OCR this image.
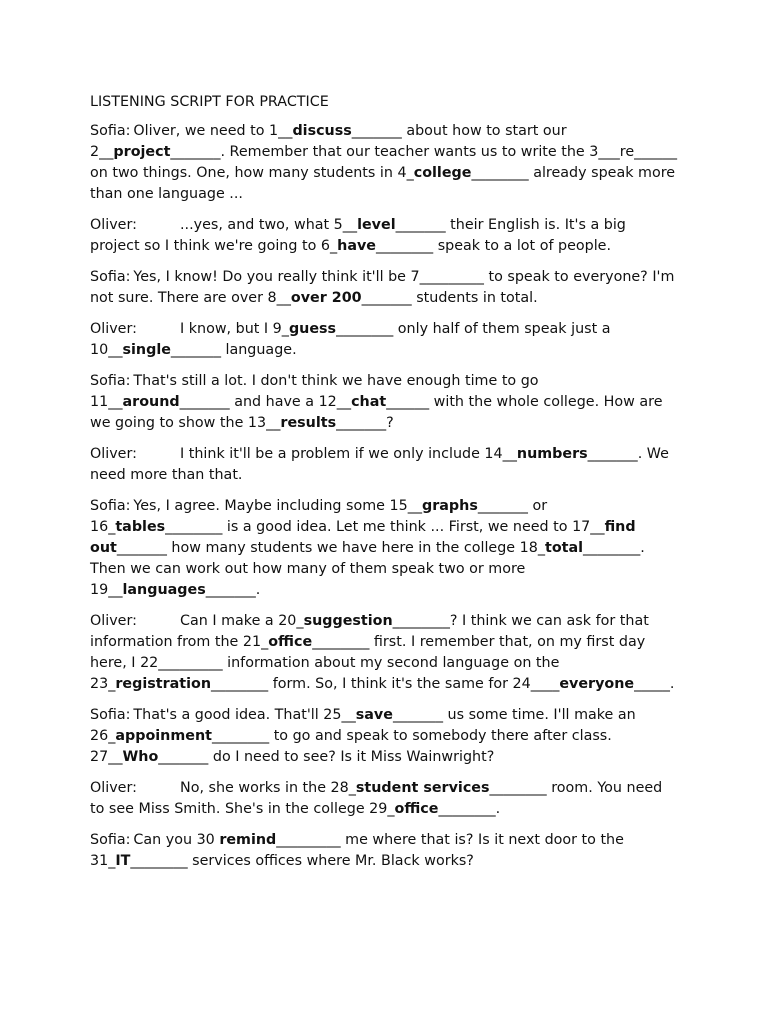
LISTENING SCRIPT FOR PRACTICE

Sofia: Oliver, we need to 1__discuss_______ about how to start our 2__project_______. Remember that our teacher wants us to write the 3___re______ on two things. One, how many students in 4_college________ already speak more than one language ...

Oliver:	...yes, and two, what 5__level_______ their English is. It's a big project so I think we're going to 6_have________ speak to a lot of people.

Sofia: Yes, I know! Do you really think it'll be 7_________ to speak to everyone? I'm not sure. There are over 8__over 200_______ students in total.

Oliver:	I know, but I 9_guess________ only half of them speak just a 10__single_______ language.

Sofia: That's still a lot. I don't think we have enough time to go 11__around_______ and have a 12__chat______ with the whole college. How are we going to show the 13__results_______?

Oliver:	I think it'll be a problem if we only include 14__numbers_______. We need more than that.

Sofia: Yes, I agree. Maybe including some 15__graphs_______ or 16_tables________ is a good idea. Let me think ... First, we need to 17__find out_______ how many students we have here in the college 18_total________. Then we can work out how many of them speak two or more 19__languages_______.

Oliver:	Can I make a 20_suggestion________? I think we can ask for that information from the 21_office________ first. I remember that, on my first day here, I 22_________ information about my second language on the 23_registration________ form. So, I think it's the same for 24____everyone_____.

Sofia: That's a good idea. That'll 25__save_______ us some time. I'll make an 26_appoinment________ to go and speak to somebody there after class. 27__Who_______ do I need to see? Is it Miss Wainwright?

Oliver:	No, she works in the 28_student services________ room. You need to see Miss Smith. She's in the college 29_office________.

Sofia: Can you 30 remind_________ me where that is? Is it next door to the 31_IT________ services offices where Mr. Black works?
